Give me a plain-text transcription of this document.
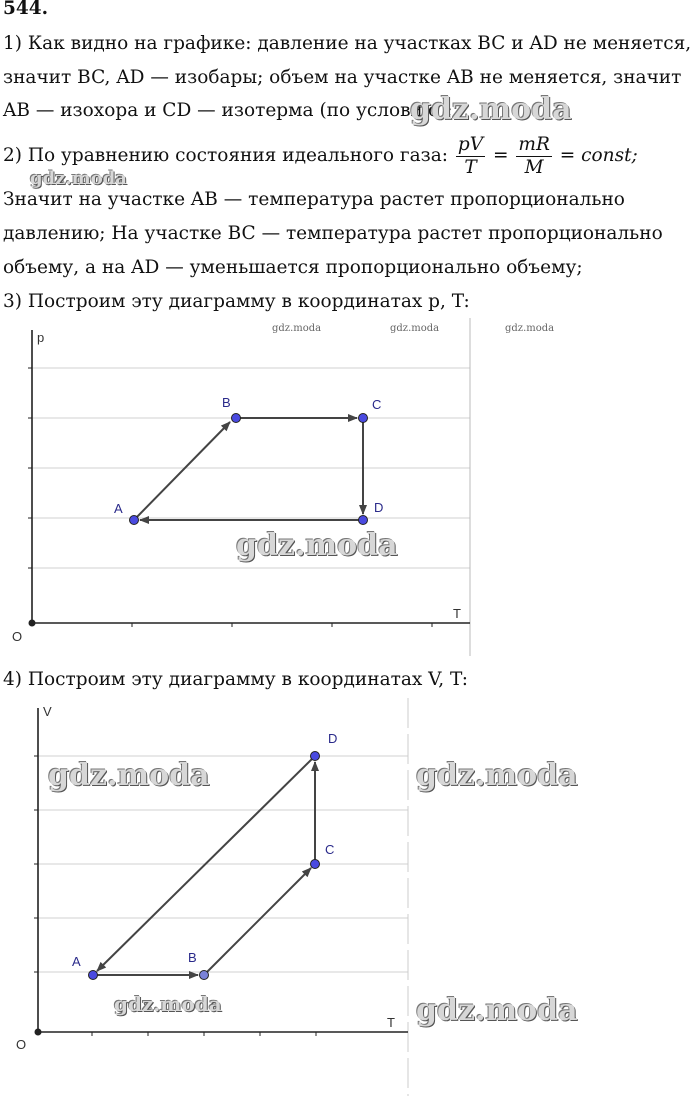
544.
1) Как видно на графике: давление на участках BC и AD не меняется,
значит BC, AD — изобары; объем на участке AB не меняется, значит
AB — изохора и CD — изотерма (по условию);
2) По уравнению состояния идеального газа: $\frac{pV}{T} = \frac{mR}{M}$ = const;
Значит на участке AB — температура растет пропорционально
давлению; На участке BC — температура растет пропорционально
объему, а на AD — уменьшается пропорционально объему;
3) Построим эту диаграмму в координатах p, T:
gdz.moda
gdz.moda
p
T
O
A
B	C
D
gdz.moda	gdz.moda	gdz.moda
gdz.moda
4) Построим эту диаграмму в координатах V, T:
V
T
O
A	B
C
D
gdz.moda	gdz.moda
gdz.moda	gdz.moda
